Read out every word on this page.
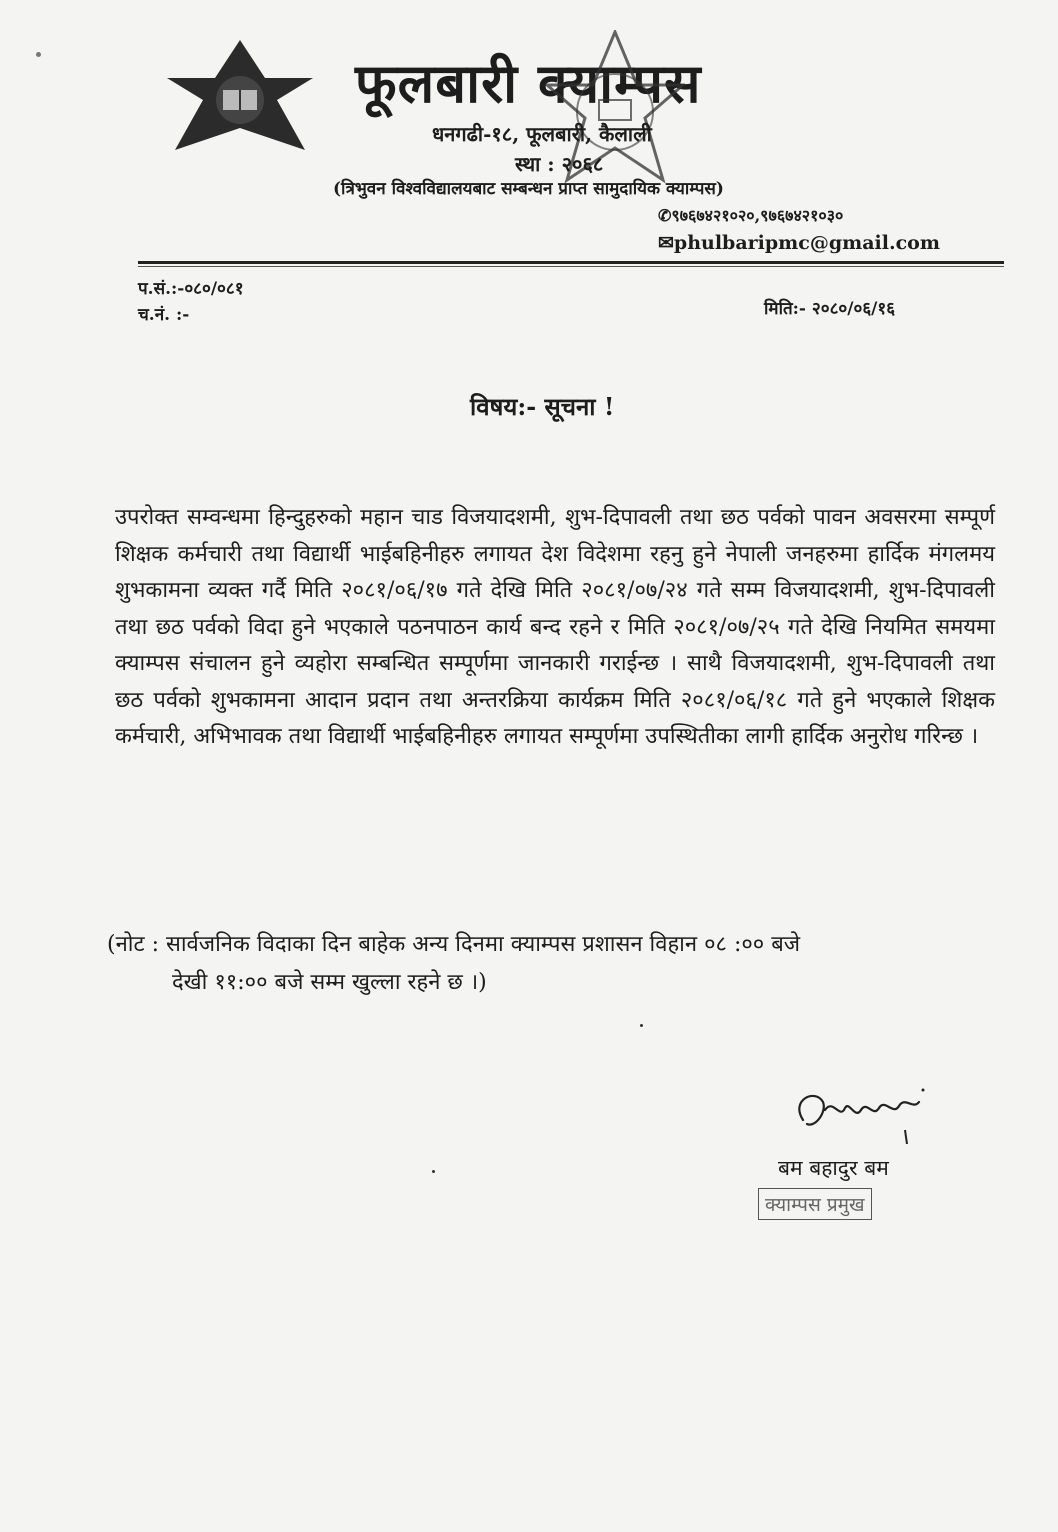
फूलबारी क्याम्पस
धनगढी-१८, फूलबारी, कैलाली
स्था : २०६८
(त्रिभुवन विश्वविद्यालयबाट सम्बन्धन प्राप्त सामुदायिक क्याम्पस)
✆९७६७४२१०२०,९७६७४२१०३०
✉phulbaripmc@gmail.com
प.सं.:-०८०/०८१
च.नं. :-	मिति:- २०८०/०६/१६
विषय:- सूचना !
उपरोक्त सम्वन्धमा हिन्दुहरुको महान चाड विजयादशमी, शुभ-दिपावली तथा छठ पर्वको पावन अवसरमा सम्पूर्ण शिक्षक कर्मचारी तथा विद्यार्थी भाईबहिनीहरु लगायत देश विदेशमा रहनु हुने नेपाली जनहरुमा हार्दिक मंगलमय शुभकामना व्यक्त गर्दै मिति २०८१/०६/१७ गते देखि मिति २०८१/०७/२४ गते सम्म विजयादशमी, शुभ-दिपावली तथा छठ पर्वको विदा हुने भएकाले पठनपाठन कार्य बन्द रहने र मिति २०८१/०७/२५ गते देखि नियमित समयमा क्याम्पस संचालन हुने व्यहोरा सम्बन्धित सम्पूर्णमा जानकारी गराईन्छ । साथै विजयादशमी, शुभ-दिपावली तथा छठ पर्वको शुभकामना आदान प्रदान तथा अन्तरक्रिया कार्यक्रम मिति २०८१/०६/१८ गते हुने भएकाले शिक्षक कर्मचारी, अभिभावक तथा विद्यार्थी भाईबहिनीहरु लगायत सम्पूर्णमा उपस्थितीका लागी हार्दिक अनुरोध गरिन्छ ।
(नोट : सार्वजनिक विदाका दिन बाहेक अन्य दिनमा क्याम्पस प्रशासन विहान ०८ :०० बजे
देखी ११:०० बजे सम्म खुल्ला रहने छ ।)
बम बहादुर बम
क्याम्पस प्रमुख
